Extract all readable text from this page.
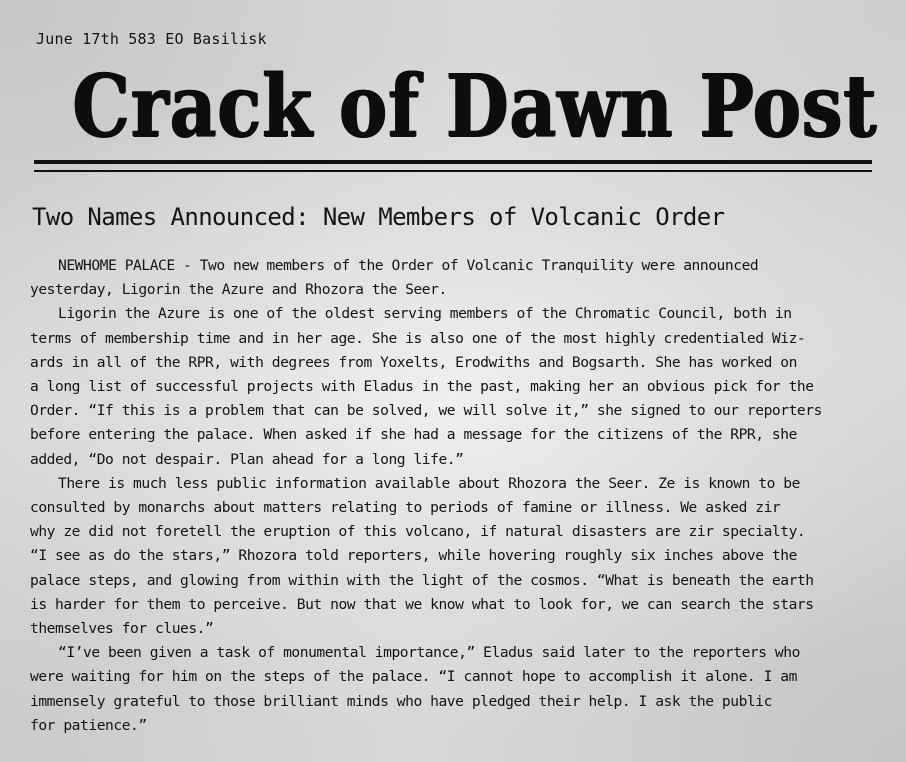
June 17th 583 EO Basilisk
Crack of Dawn Post
Two Names Announced: New Members of Volcanic Order

NEWHOME PALACE - Two new members of the Order of Volcanic Tranquility were announced
yesterday, Ligorin the Azure and Rhozora the Seer.

Ligorin the Azure is one of the oldest serving members of the Chromatic Council, both in
terms of membership time and in her age. She is also one of the most highly credentialed Wiz-
ards in all of the RPR, with degrees from Yoxelts, Erodwiths and Bogsarth. She has worked on
a long list of successful projects with Eladus in the past, making her an obvious pick for the
Order. “If this is a problem that can be solved, we will solve it,” she signed to our reporters
before entering the palace. When asked if she had a message for the citizens of the RPR, she
added, “Do not despair. Plan ahead for a long life.”

There is much less public information available about Rhozora the Seer. Ze is known to be
consulted by monarchs about matters relating to periods of famine or illness. We asked zir
why ze did not foretell the eruption of this volcano, if natural disasters are zir specialty.
“I see as do the stars,” Rhozora told reporters, while hovering roughly six inches above the
palace steps, and glowing from within with the light of the cosmos. “What is beneath the earth
is harder for them to perceive. But now that we know what to look for, we can search the stars
themselves for clues.”

“I’ve been given a task of monumental importance,” Eladus said later to the reporters who
were waiting for him on the steps of the palace. “I cannot hope to accomplish it alone. I am
immensely grateful to those brilliant minds who have pledged their help. I ask the public
for patience.”
